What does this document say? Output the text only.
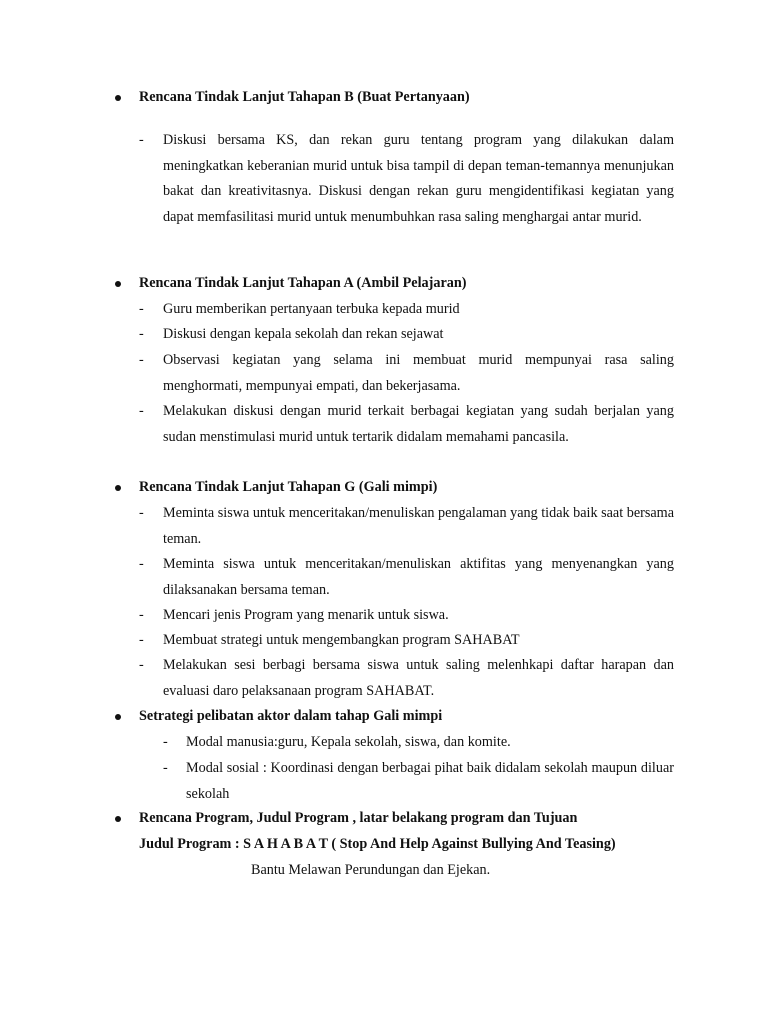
Rencana Tindak Lanjut Tahapan B (Buat Pertanyaan)
- Diskusi bersama KS, dan rekan guru tentang program yang dilakukan dalam meningkatkan keberanian murid untuk bisa tampil di depan teman-temannya menunjukan bakat dan kreativitasnya. Diskusi dengan rekan guru mengidentifikasi kegiatan yang dapat memfasilitasi murid untuk menumbuhkan rasa saling menghargai antar murid.
Rencana Tindak Lanjut Tahapan A (Ambil Pelajaran)
- Guru memberikan pertanyaan terbuka kepada murid
- Diskusi dengan kepala sekolah dan rekan sejawat
- Observasi kegiatan yang selama ini membuat murid mempunyai rasa saling menghormati, mempunyai empati, dan bekerjasama.
- Melakukan diskusi dengan murid terkait berbagai kegiatan yang sudah berjalan yang sudan menstimulasi murid untuk tertarik didalam memahami pancasila.
Rencana Tindak Lanjut Tahapan G (Gali mimpi)
- Meminta siswa untuk menceritakan/menuliskan pengalaman yang tidak baik saat bersama teman.
- Meminta siswa untuk menceritakan/menuliskan aktifitas yang menyenangkan yang dilaksanakan bersama teman.
- Mencari jenis Program yang menarik untuk siswa.
- Membuat strategi untuk mengembangkan program SAHABAT
- Melakukan sesi berbagi bersama siswa untuk saling melenhkapi daftar harapan dan evaluasi daro pelaksanaan program SAHABAT.
Setrategi pelibatan aktor dalam tahap Gali mimpi
- Modal manusia:guru, Kepala sekolah, siswa, dan komite.
- Modal sosial : Koordinasi dengan berbagai pihat baik didalam sekolah maupun diluar sekolah
Rencana Program, Judul Program , latar belakang program dan Tujuan
Judul Program : S A H A B A T ( Stop And Help Against Bullying And Teasing)
Bantu Melawan Perundungan dan Ejekan.
